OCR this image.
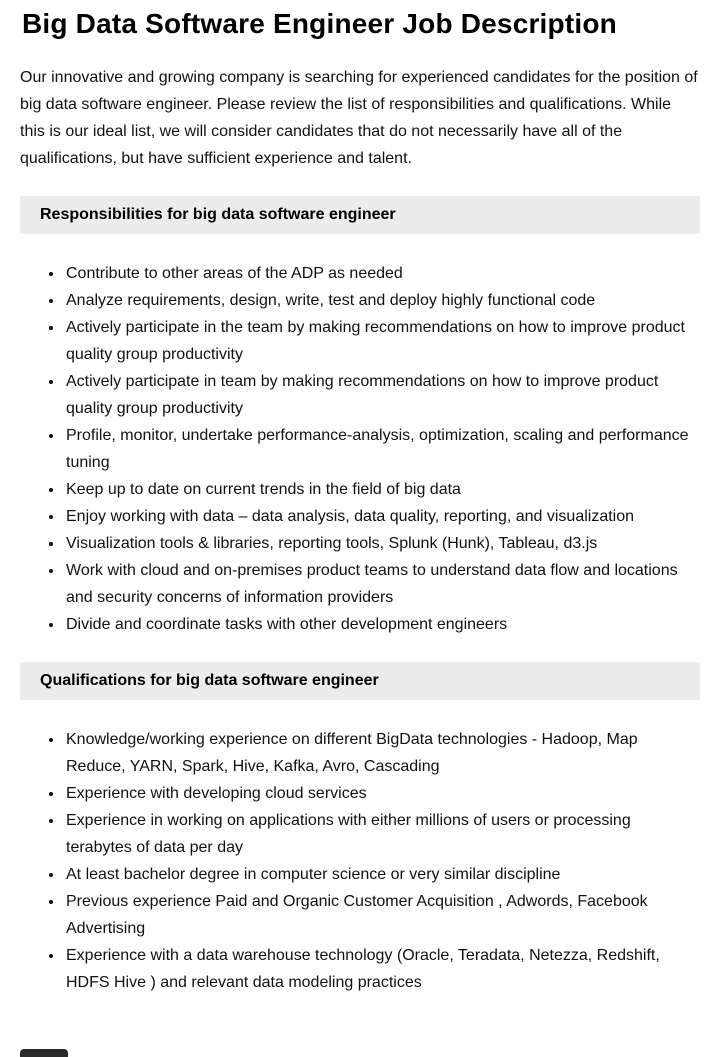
Big Data Software Engineer Job Description

Our innovative and growing company is searching for experienced candidates for the position of big data software engineer. Please review the list of responsibilities and qualifications. While this is our ideal list, we will consider candidates that do not necessarily have all of the qualifications, but have sufficient experience and talent.

Responsibilities for big data software engineer
• Contribute to other areas of the ADP as needed
• Analyze requirements, design, write, test and deploy highly functional code
• Actively participate in the team by making recommendations on how to improve product quality group productivity
• Actively participate in team by making recommendations on how to improve product quality group productivity
• Profile, monitor, undertake performance-analysis, optimization, scaling and performance tuning
• Keep up to date on current trends in the field of big data
• Enjoy working with data – data analysis, data quality, reporting, and visualization
• Visualization tools & libraries, reporting tools, Splunk (Hunk), Tableau, d3.js
• Work with cloud and on-premises product teams to understand data flow and locations and security concerns of information providers
• Divide and coordinate tasks with other development engineers
Qualifications for big data software engineer
• Knowledge/working experience on different BigData technologies - Hadoop, Map Reduce, YARN, Spark, Hive, Kafka, Avro, Cascading
• Experience with developing cloud services
• Experience in working on applications with either millions of users or processing terabytes of data per day
• At least bachelor degree in computer science or very similar discipline
• Previous experience Paid and Organic Customer Acquisition , Adwords, Facebook Advertising
• Experience with a data warehouse technology (Oracle, Teradata, Netezza, Redshift, HDFS Hive ) and relevant data modeling practices
